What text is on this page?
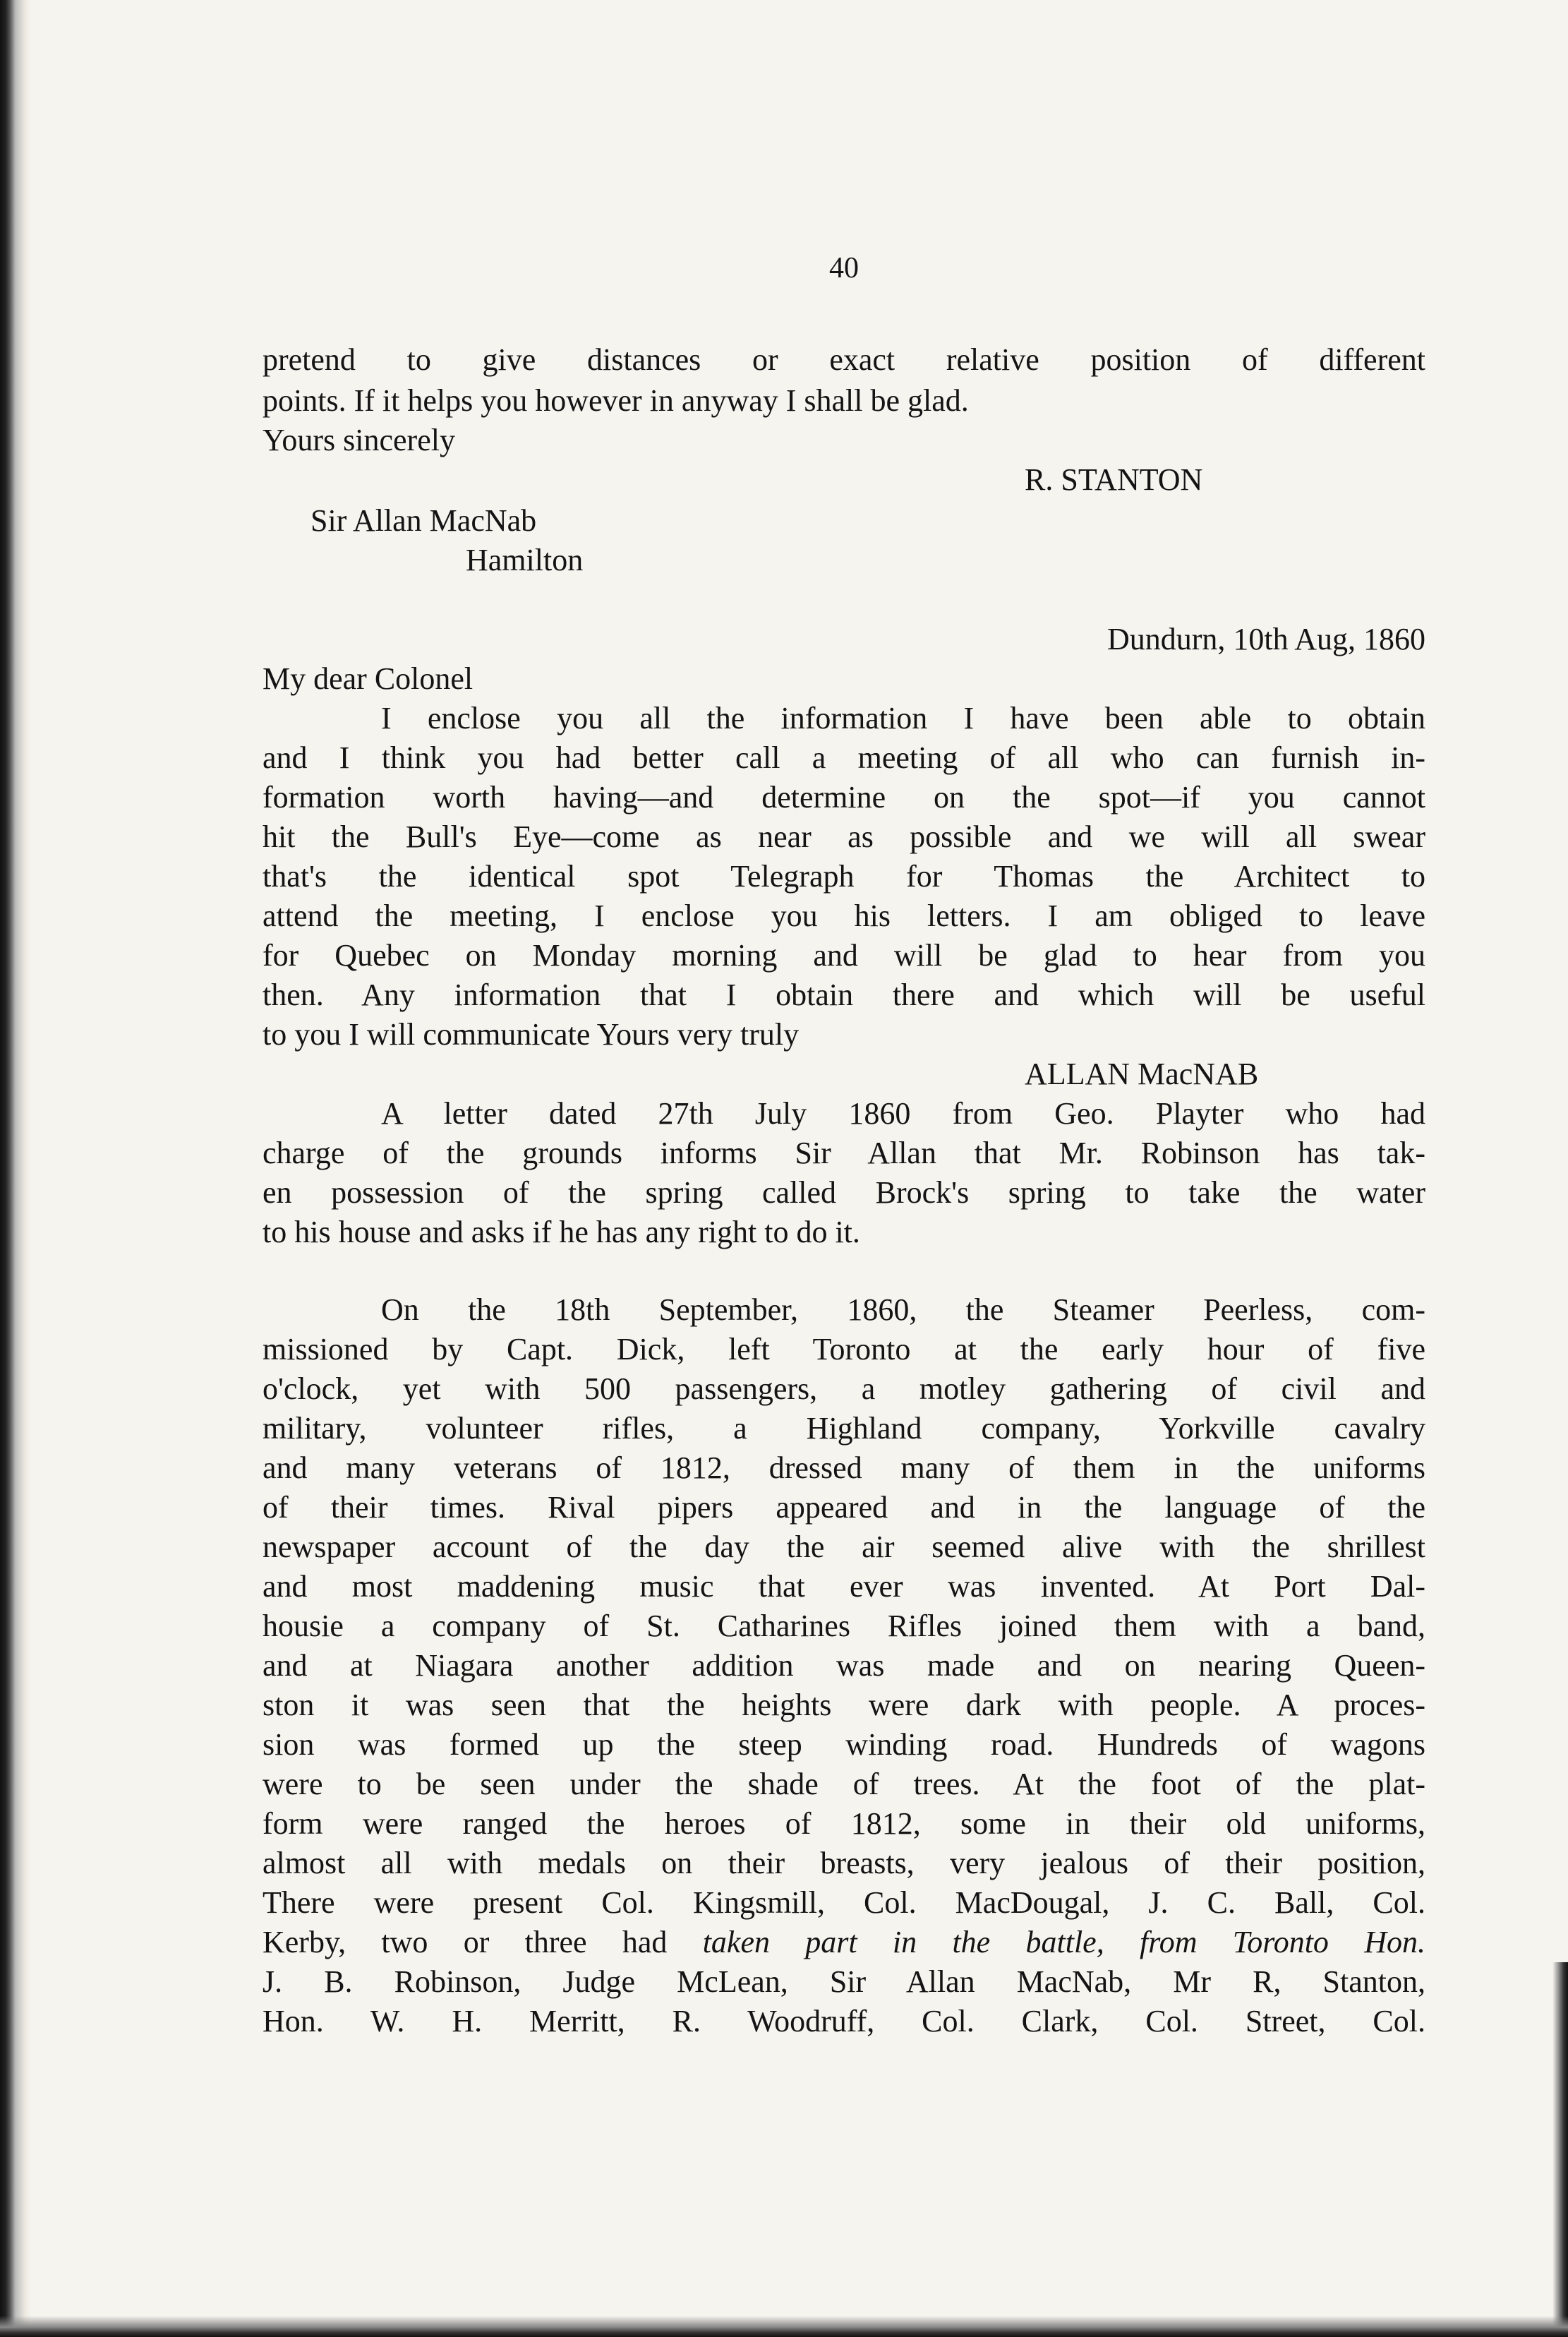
40
pretend to give distances or exact relative position of different
points. If it helps you however in anyway I shall be glad.
Yours sincerely
R. STANTON
Sir Allan MacNab
Hamilton
Dundurn, 10th Aug, 1860
My dear Colonel
I enclose you all the information I have been able to obtain
and I think you had better call a meeting of all who can furnish in-
formation worth having—and determine on the spot—if you cannot
hit the Bull's Eye—come as near as possible and we will all swear
that's the identical spot Telegraph for Thomas the Architect to
attend the meeting, I enclose you his letters. I am obliged to leave
for Quebec on Monday morning and will be glad to hear from you
then. Any information that I obtain there and which will be useful
to you I will communicate Yours very truly
ALLAN MacNAB
A letter dated 27th July 1860 from Geo. Playter who had
charge of the grounds informs Sir Allan that Mr. Robinson has tak-
en possession of the spring called Brock's spring to take the water
to his house and asks if he has any right to do it.
On the 18th September, 1860, the Steamer Peerless, com-
missioned by Capt. Dick, left Toronto at the early hour of five
o'clock, yet with 500 passengers, a motley gathering of civil and
military, volunteer rifles, a Highland company, Yorkville cavalry
and many veterans of 1812, dressed many of them in the uniforms
of their times. Rival pipers appeared and in the language of the
newspaper account of the day the air seemed alive with the shrillest
and most maddening music that ever was invented. At Port Dal-
housie a company of St. Catharines Rifles joined them with a band,
and at Niagara another addition was made and on nearing Queen-
ston it was seen that the heights were dark with people. A proces-
sion was formed up the steep winding road. Hundreds of wagons
were to be seen under the shade of trees. At the foot of the plat-
form were ranged the heroes of 1812, some in their old uniforms,
almost all with medals on their breasts, very jealous of their position,
There were present Col. Kingsmill, Col. MacDougal, J. C. Ball, Col.
Kerby, two or three had taken part in the battle, from Toronto Hon.
J. B. Robinson, Judge McLean, Sir Allan MacNab, Mr R, Stanton,
Hon. W. H. Merritt, R. Woodruff, Col. Clark, Col. Street, Col.
